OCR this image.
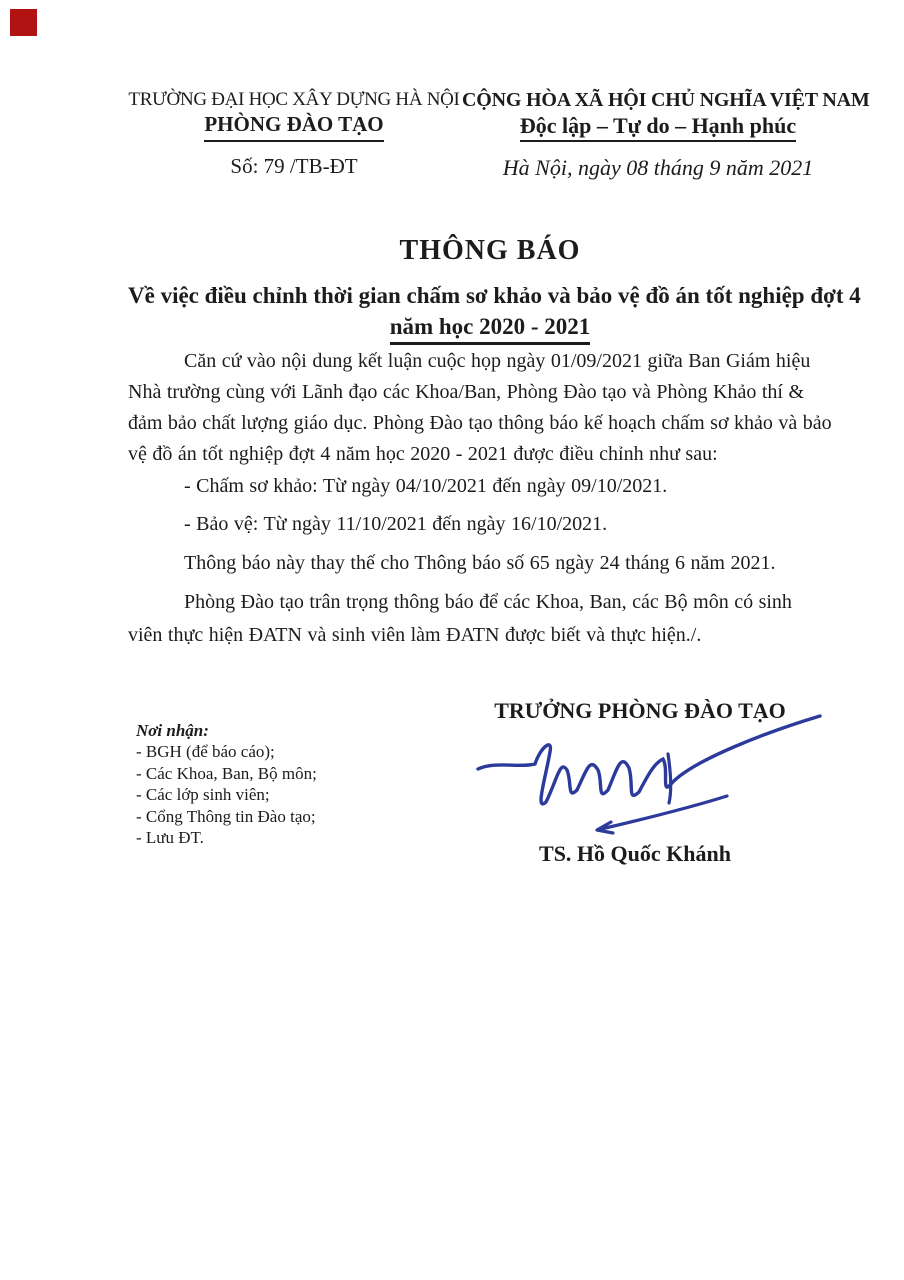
TRƯỜNG ĐẠI HỌC XÂY DỰNG HÀ NỘI
PHÒNG ĐÀO TẠO
Số: 79 /TB-ĐT
CỘNG HÒA XÃ HỘI CHỦ NGHĨA VIỆT NAM
Độc lập – Tự do – Hạnh phúc
Hà Nội, ngày 08 tháng 9 năm 2021
THÔNG BÁO
Về việc điều chỉnh thời gian chấm sơ khảo và bảo vệ đồ án tốt nghiệp đợt 4
năm học 2020 - 2021
Căn cứ vào nội dung kết luận cuộc họp ngày 01/09/2021 giữa Ban Giám hiệu
Nhà trường cùng với Lãnh đạo các Khoa/Ban, Phòng Đào tạo và Phòng Khảo thí &
đảm bảo chất lượng giáo dục. Phòng Đào tạo thông báo kế hoạch chấm sơ khảo và bảo
vệ đồ án tốt nghiệp đợt 4 năm học 2020 - 2021 được điều chỉnh như sau:
- Chấm sơ khảo: Từ ngày 04/10/2021 đến ngày 09/10/2021.
- Bảo vệ: Từ ngày 11/10/2021 đến ngày 16/10/2021.
Thông báo này thay thế cho Thông báo số 65 ngày 24 tháng 6 năm 2021.
Phòng Đào tạo trân trọng thông báo để các Khoa, Ban, các Bộ môn có sinh
viên thực hiện ĐATN và sinh viên làm ĐATN được biết và thực hiện./.
TRƯỞNG PHÒNG ĐÀO TẠO
TS. Hồ Quốc Khánh
Nơi nhận:
- BGH (để báo cáo);
- Các Khoa, Ban, Bộ môn;
- Các lớp sinh viên;
- Cổng Thông tin Đào tạo;
- Lưu ĐT.
